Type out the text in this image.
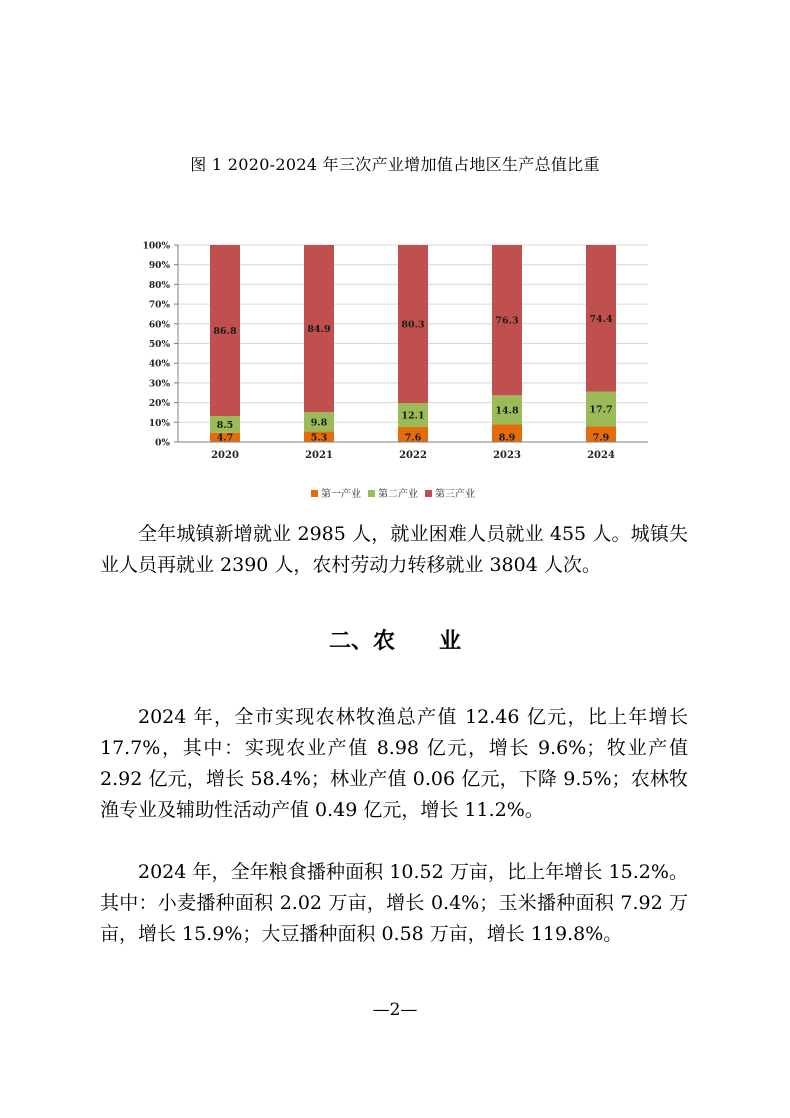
图 1 2020-2024 年三次产业增加值占地区生产总值比重
4.7
8.5
86.8
5.3
9.8
84.9
7.6
12.1
80.3
8.9
14.8
76.3
7.9
17.7
74.4
0%
10%
20%
30%
40%
50%
60%
70%
80%
90%
100%
2020	2021	2022	2023	2024
第一产业 第二产业 第三产业

全年城镇新增就业 2985 人，就业困难人员就业 455 人。城镇失业人员再就业 2390 人，农村劳动力转移就业 3804 人次。

二、农　　业

2024 年，全市实现农林牧渔总产值 12.46 亿元，比上年增长 17.7%，其中：实现农业产值 8.98 亿元，增长 9.6%；牧业产值 2.92 亿元，增长 58.4%；林业产值 0.06 亿元，下降 9.5%；农林牧渔专业及辅助性活动产值 0.49 亿元，增长 11.2%。

2024 年，全年粮食播种面积 10.52 万亩，比上年增长 15.2%。其中：小麦播种面积 2.02 万亩，增长 0.4%；玉米播种面积 7.92 万亩，增长 15.9%；大豆播种面积 0.58 万亩，增长 119.8%。

—2—
